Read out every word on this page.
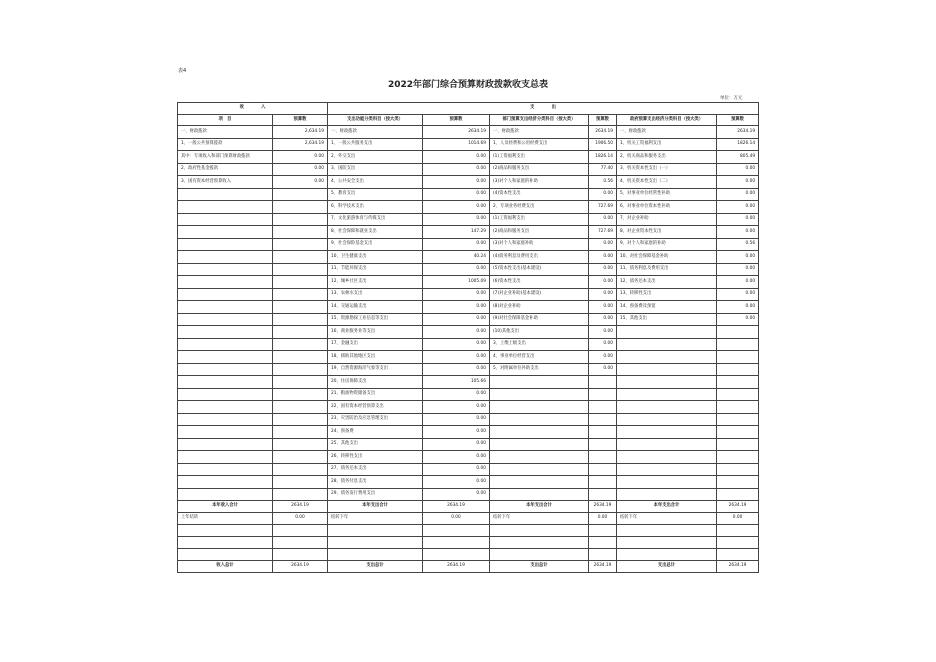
表4
2022年部门综合预算财政拨款收支总表
单位：万元
收　　　　入		支　　　　出					
项　目	预算数	支出功能分类科目（按大类）	预算数	部门预算支出经济分类科目（按大类）	预算数	政府预算支出经济分类科目（按大类）	预算数
一、财政拨款	2,634.19	一、财政拨款	2634.19	一、财政拨款	2634.19	一、财政拨款	2634.19
1、一般公共预算拨款	2,634.19	1、一般公共服务支出	1014.69	1、人员经费和公用经费支出	1906.50	1、机关工资福利支出	1826.14
其中：专项收入和部门预算财政拨款	0.00	2、外交支出	0.00	(1)工资福利支出	1826.14	2、机关商品和服务支出	805.49
2、政府性基金拨款	0.00	3、国防支出	0.00	(2)商品和服务支出	77.40	3、机关资本性支出（一）	0.00
3、国有资本经营预算收入	0.00	4、公共安全支出	0.00	(3)对个人和家庭的补助	0.56	4、机关资本性支出（二）	0.00
		5、教育支出	0.00	(4)资本性支出	0.00	5、对事业单位经常性补助	0.00
		6、科学技术支出	0.00	2、专项业务经费支出	727.69	6、对事业单位资本性补助	0.00
		7、文化旅游体育与传媒支出	0.00	(1)工资福利支出	0.00	7、对企业补助	0.00
		8、社会保障和就业支出	147.29	(2)商品和服务支出	727.69	8、对企业资本性支出	0.00
		9、社会保险基金支出	0.00	(3)对个人和家庭补助	0.00	9、对个人和家庭的补助	0.56
		10、卫生健康支出	40.24	(4)债务利息及费用支出	0.00	10、对社会保障基金补助	0.00
		11、节能环保支出	0.00	(5)资本性支出(基本建设)	0.00	11、债务利息及费用支出	0.00
		12、城乡社区支出	1005.09	(6)资本性支出	0.00	12、债务还本支出	0.00
		13、农林水支出	0.00	(7)对企业补助(基本建设)	0.00	13、转移性支出	0.00
		14、交通运输支出	0.00	(8)对企业补助	0.00	14、预备费及预留	0.00
		15、资源勘探工业信息等支出	0.00	(9)对社会保障基金补助	0.00	15、其他支出	0.00
		16、商业服务业等支出	0.00	(10)其他支出	0.00		
		17、金融支出	0.00	3、上缴上级支出	0.00		
		18、援助其他地区支出	0.00	4、事业单位经营支出	0.00		
		19、自然资源海洋气象等支出	0.00	5、对附属单位补助支出	0.00		
		20、住房保障支出	105.66				
		21、粮油物资储备支出	0.00				
		22、国有资本经营预算支出	0.00				
		23、灾害防治及应急管理支出	0.00				
		24、预备费	0.00				
		25、其他支出	0.00				
		26、转移性支出	0.00				
		27、债务还本支出	0.00				
		28、债务付息支出	0.00				
		29、债务发行费用支出	0.00				
本年收入合计	2634.19	本年支出合计	2634.19	本年支出合计	2634.19	本年支出合计	2634.19
上年结转	0.00	结转下年	0.00	结转下年	0.00	结转下年	0.00

收入总计	2634.19	支出总计	2634.19	支出总计	2634.19	支出总计	2634.19
